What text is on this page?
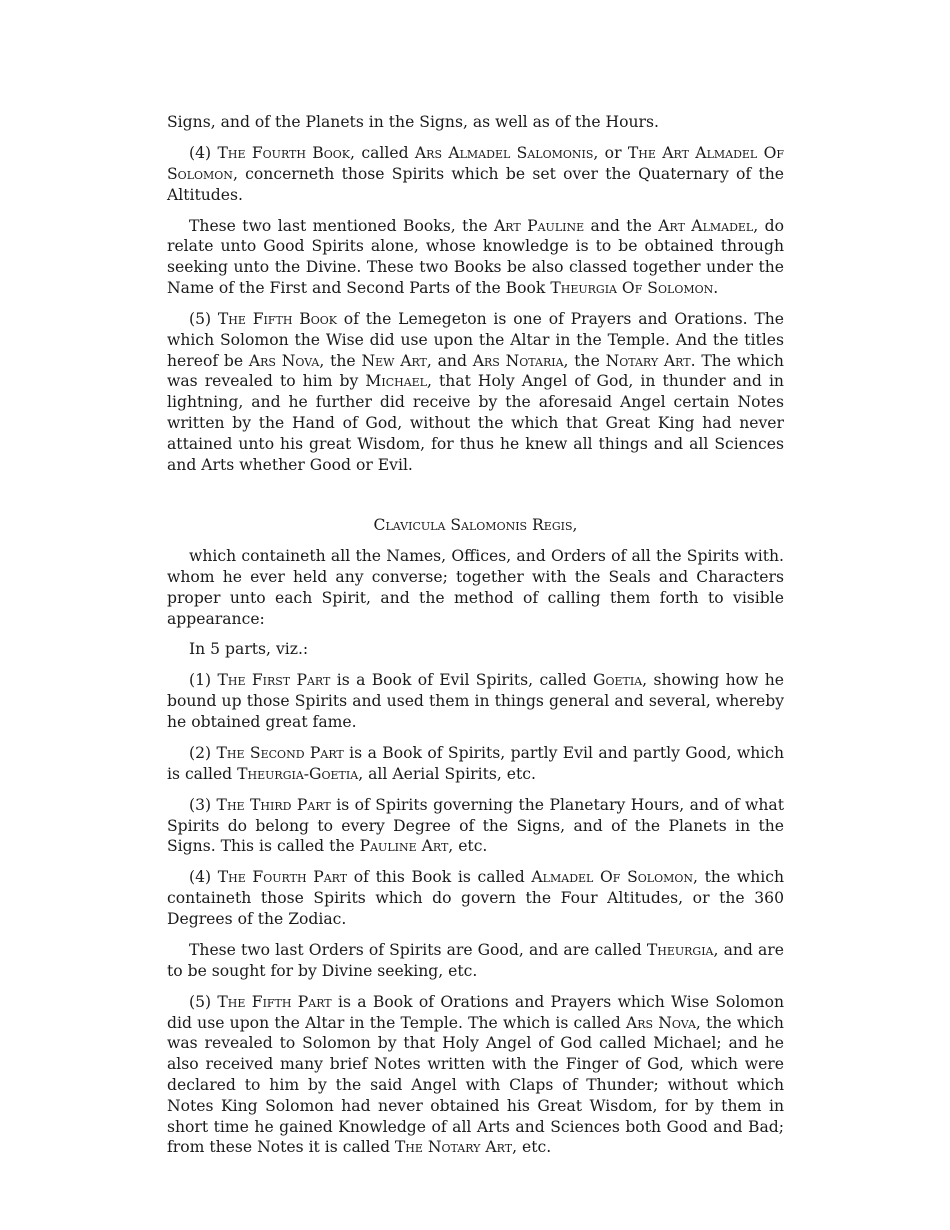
Signs, and of the Planets in the Signs, as well as of the Hours.

(4) The Fourth Book, called Ars Almadel Salomonis, or The Art Almadel Of Solomon, concerneth those Spirits which be set over the Quaternary of the Altitudes.

These two last mentioned Books, the Art Pauline and the Art Almadel, do relate unto Good Spirits alone, whose knowledge is to be obtained through seeking unto the Divine. These two Books be also classed together under the Name of the First and Second Parts of the Book Theurgia Of Solomon.

(5) The Fifth Book of the Lemegeton is one of Prayers and Orations. The which Solomon the Wise did use upon the Altar in the Temple. And the titles hereof be Ars Nova, the New Art, and Ars Notaria, the Notary Art. The which was revealed to him by Michael, that Holy Angel of God, in thunder and in lightning, and he further did receive by the aforesaid Angel certain Notes written by the Hand of God, without the which that Great King had never attained unto his great Wisdom, for thus he knew all things and all Sciences and Arts whether Good or Evil.

Clavicula Salomonis Regis,

which containeth all the Names, Offices, and Orders of all the Spirits with. whom he ever held any converse; together with the Seals and Characters proper unto each Spirit, and the method of calling them forth to visible appearance:

In 5 parts, viz.:

(1) The First Part is a Book of Evil Spirits, called Goetia, showing how he bound up those Spirits and used them in things general and several, whereby he obtained great fame.

(2) The Second Part is a Book of Spirits, partly Evil and partly Good, which is called Theurgia-Goetia, all Aerial Spirits, etc.

(3) The Third Part is of Spirits governing the Planetary Hours, and of what Spirits do belong to every Degree of the Signs, and of the Planets in the Signs. This is called the Pauline Art, etc.

(4) The Fourth Part of this Book is called Almadel Of Solomon, the which containeth those Spirits which do govern the Four Altitudes, or the 360 Degrees of the Zodiac.

These two last Orders of Spirits are Good, and are called Theurgia, and are to be sought for by Divine seeking, etc.

(5) The Fifth Part is a Book of Orations and Prayers which Wise Solomon did use upon the Altar in the Temple. The which is called Ars Nova, the which was revealed to Solomon by that Holy Angel of God called Michael; and he also received many brief Notes written with the Finger of God, which were declared to him by the said Angel with Claps of Thunder; without which Notes King Solomon had never obtained his Great Wisdom, for by them in short time he gained Knowledge of all Arts and Sciences both Good and Bad; from these Notes it is called The Notary Art, etc.
